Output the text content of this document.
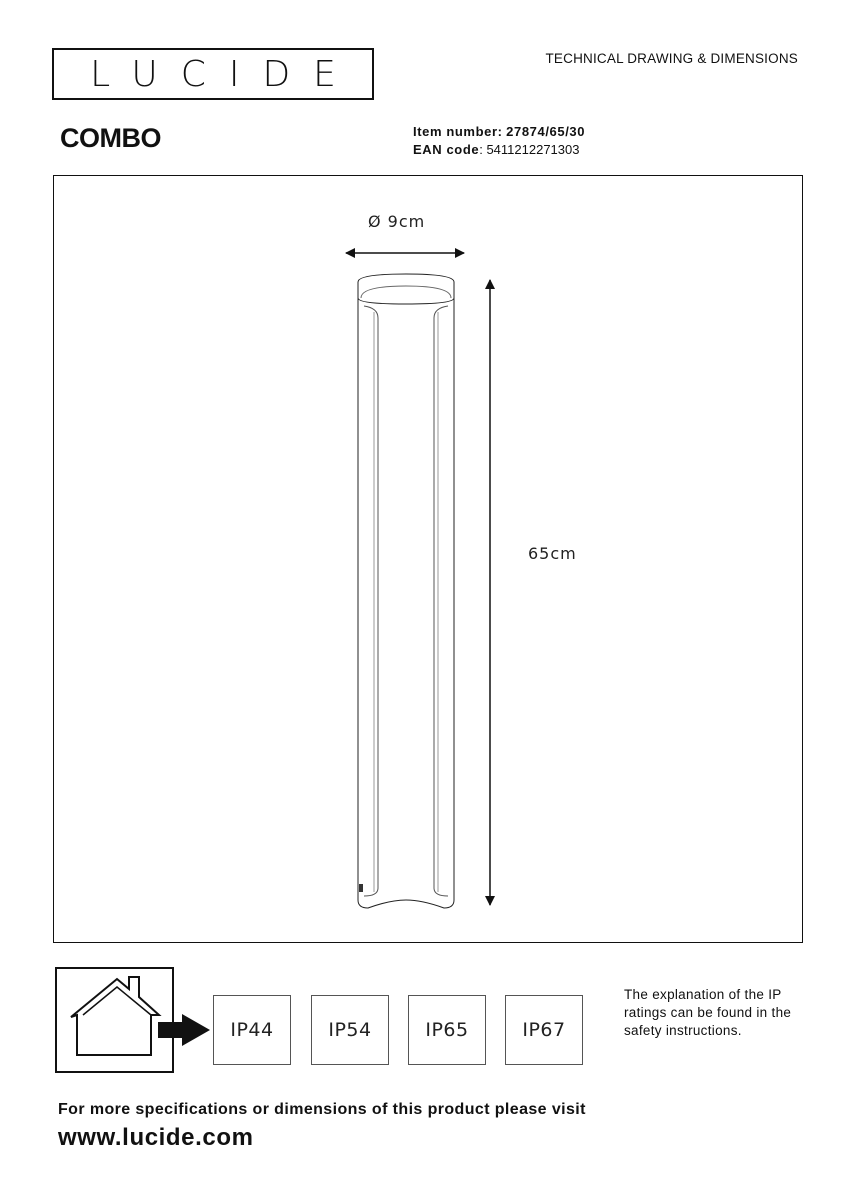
LUCIDE	TECHNICAL DRAWING & DIMENSIONS
COMBO	Item number: 27874/65/30
EAN code: 5411212271303
Ø 9cm
65cm
IP44	IP54	IP65	IP67
The explanation of the IP ratings can be found in the safety instructions.
For more specifications or dimensions of this product please visit
www.lucide.com
